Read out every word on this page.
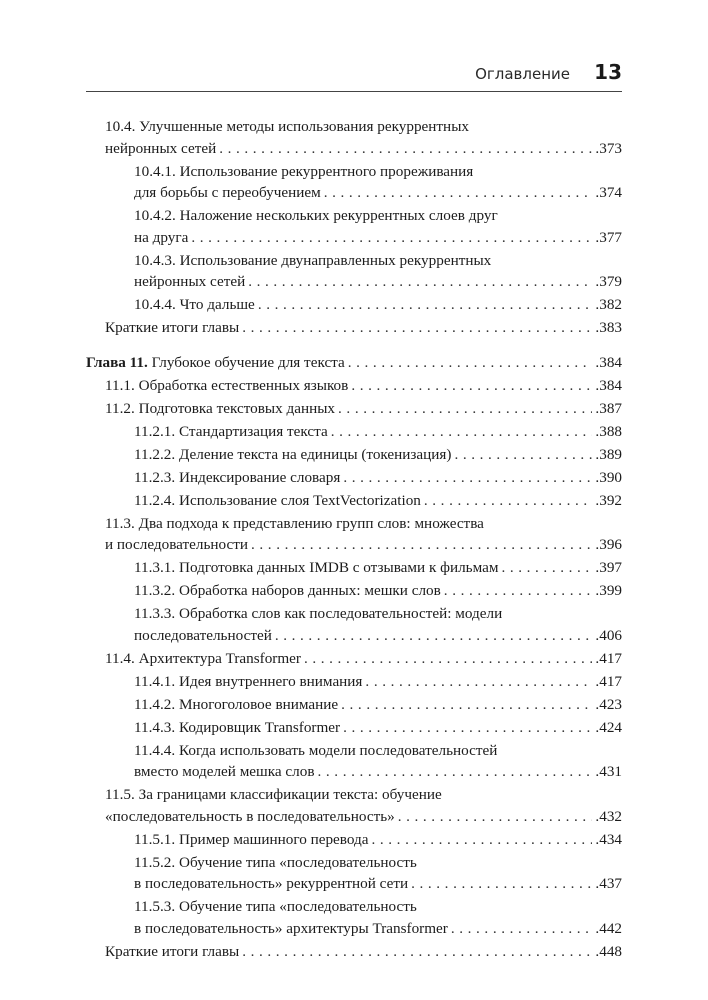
Оглавление 13
10.4. Улучшенные методы использования рекуррентных
нейронных сетей . . .	.373
10.4.1. Использование рекуррентного прореживания
для борьбы с переобучением . . .	.374
10.4.2. Наложение нескольких рекуррентных слоев друг
на друга . . .	.377
10.4.3. Использование двунаправленных рекуррентных
нейронных сетей . . .	.379
10.4.4. Что дальше . . .	.382
Краткие итоги главы . . .	.383
Глава 11. Глубокое обучение для текста . . .	.384
11.1. Обработка естественных языков . . .	.384
11.2. Подготовка текстовых данных . . .	.387
11.2.1. Стандартизация текста . . .	.388
11.2.2. Деление текста на единицы (токенизация) . . .	.389
11.2.3. Индексирование словаря . . .	.390
11.2.4. Использование слоя TextVectorization . . .	.392
11.3. Два подхода к представлению групп слов: множества
и последовательности . . .	.396
11.3.1. Подготовка данных IMDB с отзывами к фильмам . . .	.397
11.3.2. Обработка наборов данных: мешки слов . . .	.399
11.3.3. Обработка слов как последовательностей: модели
последовательностей . . .	.406
11.4. Архитектура Transformer . . .	.417
11.4.1. Идея внутреннего внимания . . .	.417
11.4.2. Многоголовое внимание . . .	.423
11.4.3. Кодировщик Transformer . . .	.424
11.4.4. Когда использовать модели последовательностей
вместо моделей мешка слов . . .	.431
11.5. За границами классификации текста: обучение
«последовательность в последовательность» . . .	.432
11.5.1. Пример машинного перевода . . .	.434
11.5.2. Обучение типа «последовательность
в последовательность» рекуррентной сети . . .	.437
11.5.3. Обучение типа «последовательность
в последовательность» архитектуры Transformer . . .	.442
Краткие итоги главы . . .	.448
